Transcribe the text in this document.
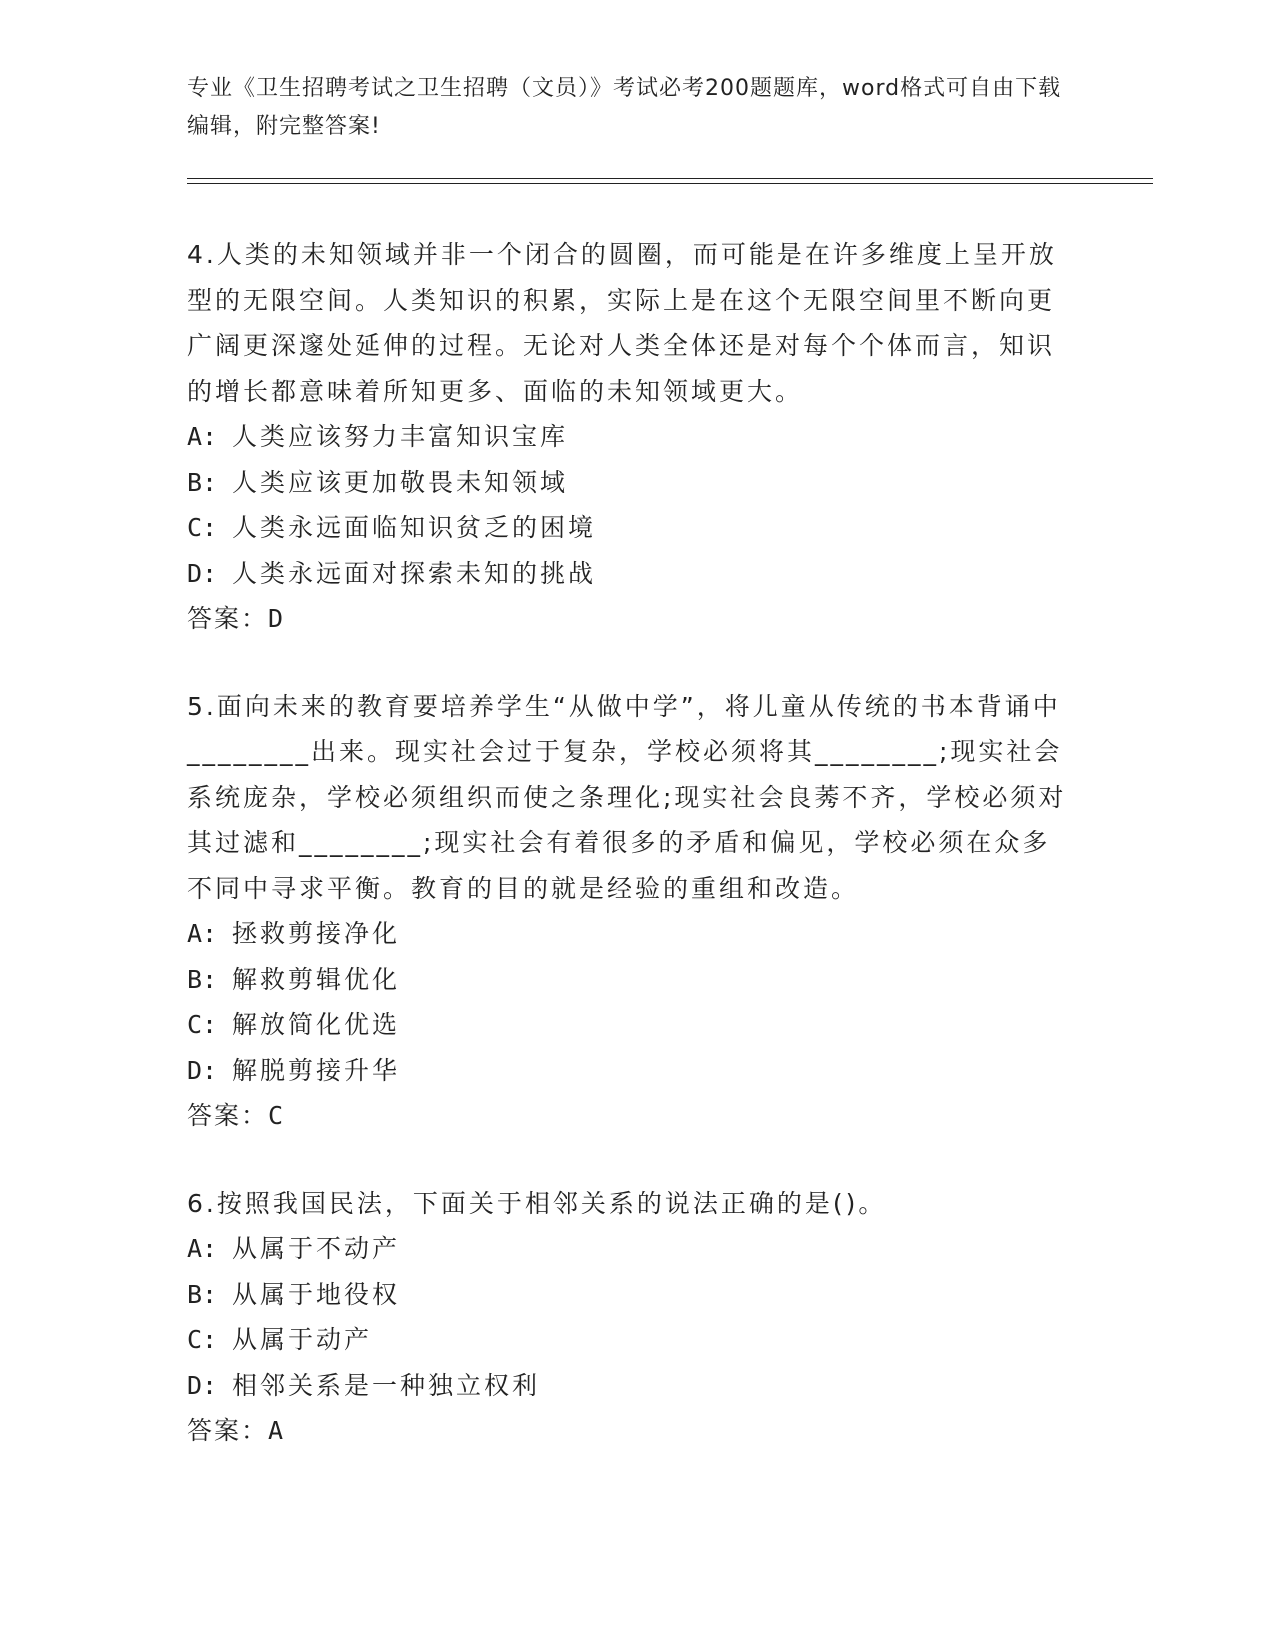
专业《卫生招聘考试之卫生招聘（文员）》考试必考200题题库，word格式可自由下载编辑，附完整答案!
4.人类的未知领域并非一个闭合的圆圈，而可能是在许多维度上呈开放型的无限空间。人类知识的积累，实际上是在这个无限空间里不断向更广阔更深邃处延伸的过程。无论对人类全体还是对每个个体而言，知识的增长都意味着所知更多、面临的未知领域更大。
A: 人类应该努力丰富知识宝库
B: 人类应该更加敬畏未知领域
C: 人类永远面临知识贫乏的困境
D: 人类永远面对探索未知的挑战
答案：D
5.面向未来的教育要培养学生“从做中学”，将儿童从传统的书本背诵中________出来。现实社会过于复杂，学校必须将其________;现实社会系统庞杂，学校必须组织而使之条理化;现实社会良莠不齐，学校必须对其过滤和________;现实社会有着很多的矛盾和偏见，学校必须在众多不同中寻求平衡。教育的目的就是经验的重组和改造。
A: 拯救剪接净化
B: 解救剪辑优化
C: 解放简化优选
D: 解脱剪接升华
答案：C
6.按照我国民法，下面关于相邻关系的说法正确的是()。
A: 从属于不动产
B: 从属于地役权
C: 从属于动产
D: 相邻关系是一种独立权利
答案：A
